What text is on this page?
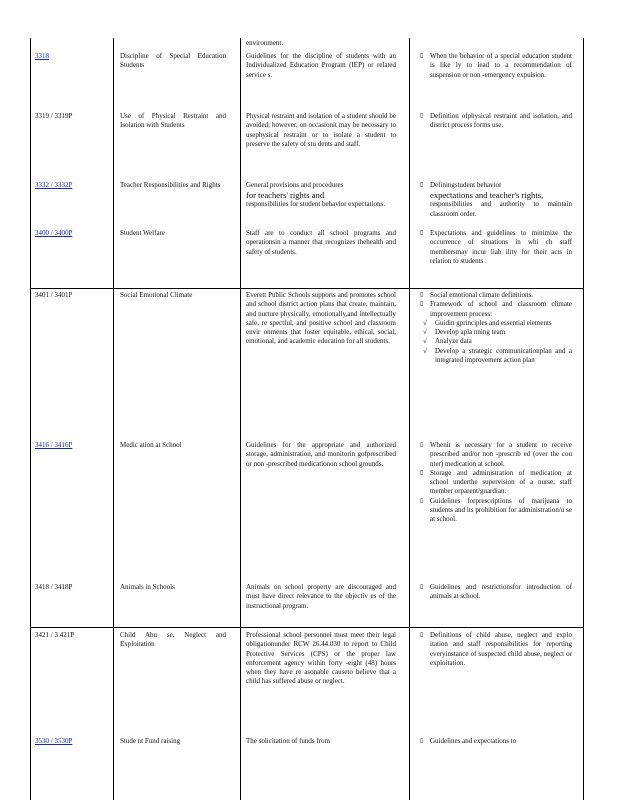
environment.
3318	Discipline of Special Education Students
Guidelines for the discipline of students with an Individualized Education Program (IEP) or related service s.
▯ When the behavior of a special education student is like ly to lead to a recommendation of suspension or non -emergency expulsion.
3319 / 3319P	Use of Physical Restraint and Isolation with Students
Physical restraint and isolation of a student should be avoided; however, on occasionit may be necessary to usephysical restraint or to isolate a student to preserve the safety of stu dents and staff.
▯ Definition ofphysical restraint and isolation, and district process forms use.
3332 / 3332P	Teacher Responsibilities and Rights	General provisions and procedures
for teachers' rights and
responsibilities for student behavior expectations.
▯ Definingstudent behavior
expectations and teacher's rights,
responsibilities and authority to maintain classroom order.
3400 / 3400P	Student Welfare	Staff are to conduct all school programs and operationsin a manner that recognizes thehealth and safety of students.
▯ Expectations and guidelines to minimize the occurrence of situations in whi ch staff membersmay incur liab ility for their acts in relation to students .
3401 / 3401P	Social Emotional Climate	Everett Public Schools supports and promotes school and school district action plans that create, maintain, and nurture physically, emotionally,and intellectually safe, re spectful, and positive school and classroom envir onments that foster equitable, ethical, social, emotional, and academic education for all students.
▯ Social emotional climate definitions.
▯ Framework of school and classroom climate improvement process:
√ Guidin gprinciples and essential elements
√ Develop apla nning team
√ Analyze data
√ Develop a strategic communicationplan and a integrated improvement action plan
3416 / 3416P	Medic ation at School	Guidelines for the appropriate and authorized storage, administration, and monitorin gofprescribed or non -prescribed medicationon school grounds.
▯ Whenit is necessary for a student to receive prescribed and/or non -prescrib ed (over the cou nter) medication at school.
▯ Storage and administration of medication at school underthe supervision of a nurse, staff member orparent/guardian.
▯ Guidelines forprescriptions of marijuana to students and its prohibition for administration/u se at school.
3418 / 3418P	Animals in Schools	Animals on school property are discouraged and must have direct relevance to the objectiv es of the instructional program.
▯ Guidelines and restrictionsfor introduction of animals at school.
3421 / 3 421P	Child Abu se, Neglect and Exploitation
Professional school personnel must meet their legal obligationunder RCW 26.44.030 to report to Child Protective Services (CPS) or the proper law enforcement agency within forty -eight (48) hours when they have re asonable causeto believe that a child has suffered abuse or neglect.
▯ Definitions of child abuse, neglect and explo itation and staff responsibilities for reporting everyinstance of suspected child abuse, neglect or exploitation.
3530 / 3530P	Stude nt Fund raising	The solicitation of funds from
▯	Guidelines and expectations to
